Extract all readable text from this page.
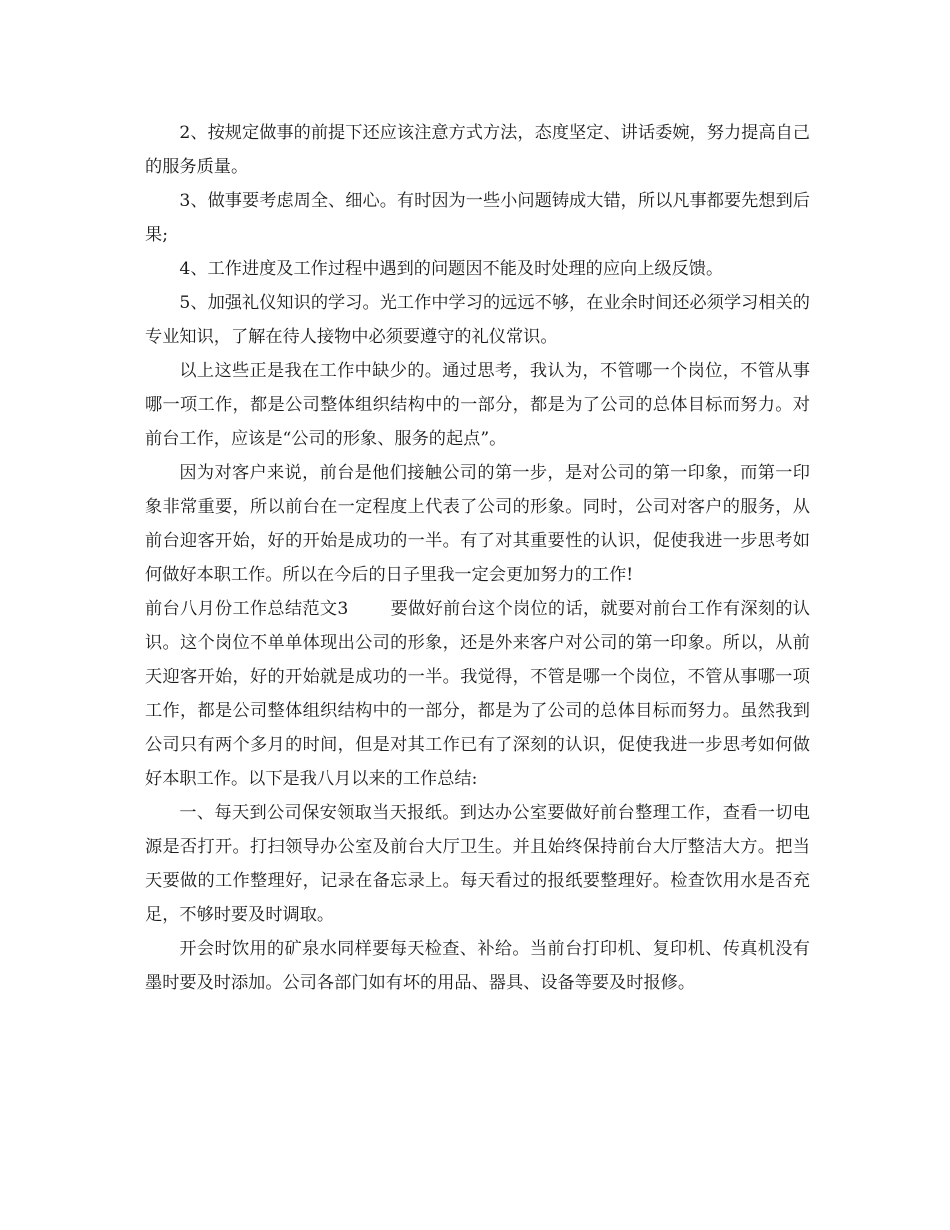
2、按规定做事的前提下还应该注意方式方法，态度坚定、讲话委婉，努力提高自己的服务质量。

3、做事要考虑周全、细心。有时因为一些小问题铸成大错，所以凡事都要先想到后果;

4、工作进度及工作过程中遇到的问题因不能及时处理的应向上级反馈。

5、加强礼仪知识的学习。光工作中学习的远远不够，在业余时间还必须学习相关的专业知识，了解在待人接物中必须要遵守的礼仪常识。

以上这些正是我在工作中缺少的。通过思考，我认为，不管哪一个岗位，不管从事哪一项工作，都是公司整体组织结构中的一部分，都是为了公司的总体目标而努力。对前台工作，应该是“公司的形象、服务的起点”。

因为对客户来说，前台是他们接触公司的第一步，是对公司的第一印象，而第一印象非常重要，所以前台在一定程度上代表了公司的形象。同时，公司对客户的服务，从前台迎客开始，好的开始是成功的一半。有了对其重要性的认识，促使我进一步思考如何做好本职工作。所以在今后的日子里我一定会更加努力的工作!

前台八月份工作总结范文3 要做好前台这个岗位的话，就要对前台工作有深刻的认识。这个岗位不单单体现出公司的形象，还是外来客户对公司的第一印象。所以，从前天迎客开始，好的开始就是成功的一半。我觉得，不管是哪一个岗位，不管从事哪一项工作，都是公司整体组织结构中的一部分，都是为了公司的总体目标而努力。虽然我到公司只有两个多月的时间，但是对其工作已有了深刻的认识，促使我进一步思考如何做好本职工作。以下是我八月以来的工作总结:

一、每天到公司保安领取当天报纸。到达办公室要做好前台整理工作，查看一切电源是否打开。打扫领导办公室及前台大厅卫生。并且始终保持前台大厅整洁大方。把当天要做的工作整理好，记录在备忘录上。每天看过的报纸要整理好。检查饮用水是否充足，不够时要及时调取。

开会时饮用的矿泉水同样要每天检查、补给。当前台打印机、复印机、传真机没有墨时要及时添加。公司各部门如有坏的用品、器具、设备等要及时报修。
